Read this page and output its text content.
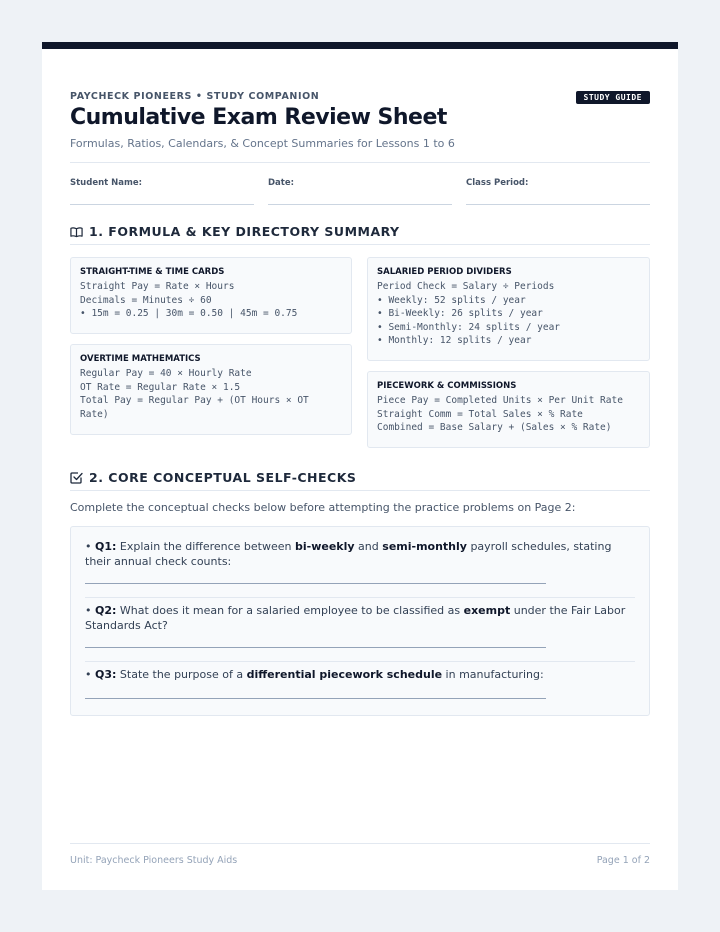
PAYCHECK PIONEERS • STUDY COMPANION	STUDY GUIDE
Cumulative Exam Review Sheet
Formulas, Ratios, Calendars, & Concept Summaries for Lessons 1 to 6
Student Name:	Date:	Class Period:
1. FORMULA & KEY DIRECTORY SUMMARY
STRAIGHT-TIME & TIME CARDS
Straight Pay = Rate × Hours
Decimals = Minutes ÷ 60
• 15m = 0.25 | 30m = 0.50 | 45m = 0.75
OVERTIME MATHEMATICS
Regular Pay = 40 × Hourly Rate
OT Rate = Regular Rate × 1.5
Total Pay = Regular Pay + (OT Hours × OT
Rate)
SALARIED PERIOD DIVIDERS
Period Check = Salary ÷ Periods
• Weekly: 52 splits / year
• Bi-Weekly: 26 splits / year
• Semi-Monthly: 24 splits / year
• Monthly: 12 splits / year
PIECEWORK & COMMISSIONS
Piece Pay = Completed Units × Per Unit Rate
Straight Comm = Total Sales × % Rate
Combined = Base Salary + (Sales × % Rate)
2. CORE CONCEPTUAL SELF-CHECKS
Complete the conceptual checks below before attempting the practice problems on Page 2:
• Q1: Explain the difference between bi-weekly and semi-monthly payroll schedules, stating their annual check counts:
• Q2: What does it mean for a salaried employee to be classified as exempt under the Fair Labor Standards Act?
• Q3: State the purpose of a differential piecework schedule in manufacturing:
Unit: Paycheck Pioneers Study Aids	Page 1 of 2
